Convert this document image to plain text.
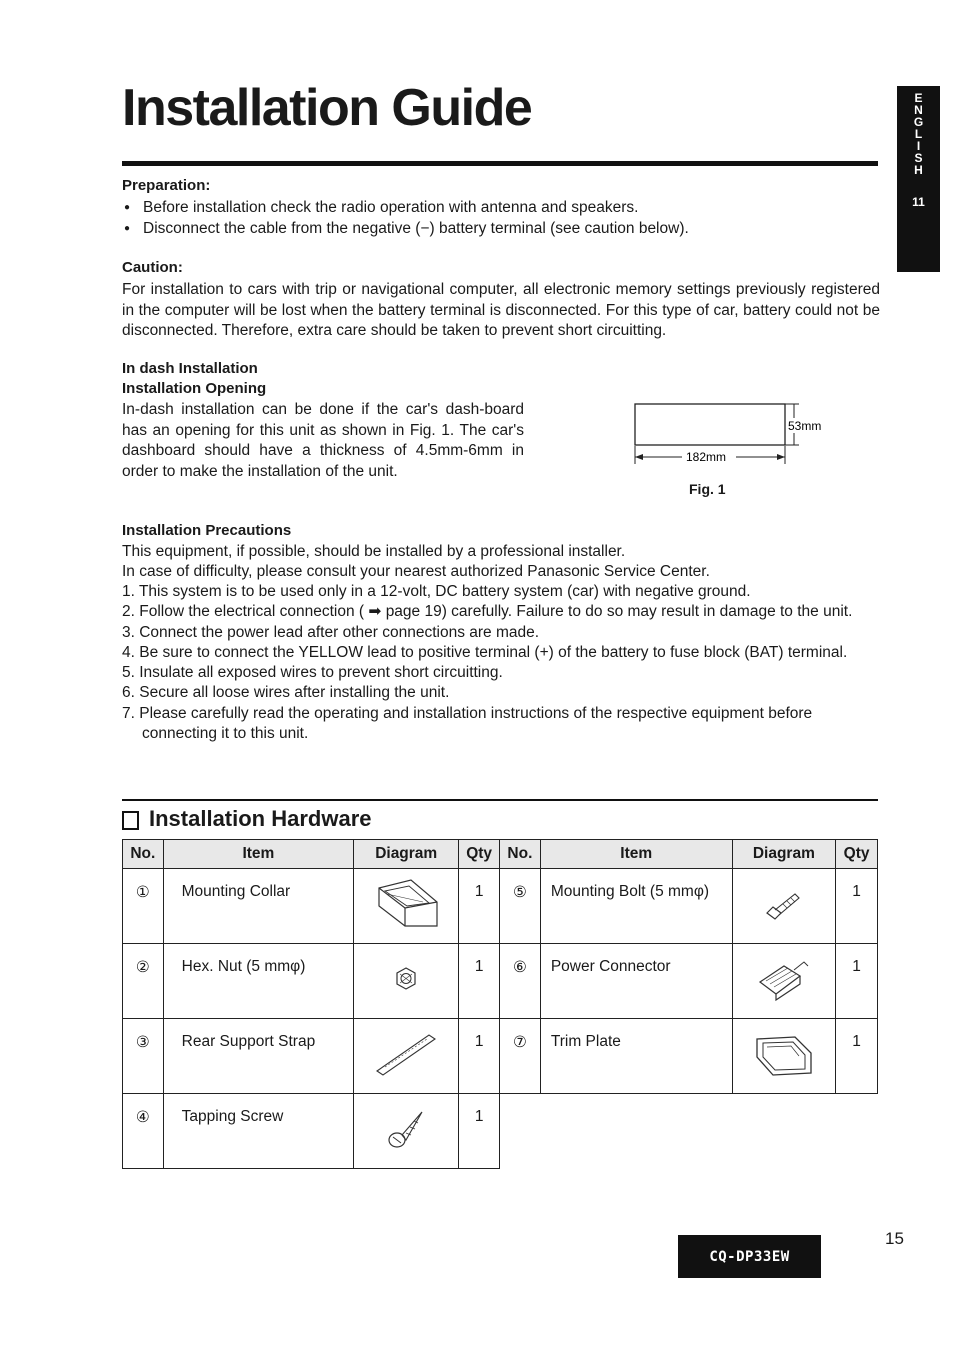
Installation Guide	E
N
G
L
I
S
H
11

Preparation:

● Before installation check the radio operation with antenna and speakers.
● Disconnect the cable from the negative (−) battery terminal (see caution below).

Caution:

For installation to cars with trip or navigational computer, all electronic memory settings previously registered in the computer will be lost when the battery terminal is disconnected. For this type of car, battery could not be disconnected. Therefore, extra care should be taken to prevent short circuitting.

In dash Installation

Installation Opening

In-dash installation can be done if the car's dash-board has an opening for this unit as shown in Fig. 1. The car's dashboard should have a thickness of 4.5mm-6mm in order to make the installation of the unit.

182mm
53mm
Fig. 1

Installation Precautions

This equipment, if possible, should be installed by a professional installer.

In case of difficulty, please consult your nearest authorized Panasonic Service Center.

1. This system is to be used only in a 12-volt, DC battery system (car) with negative ground.
2. Follow the electrical connection ( ➡ page 19) carefully. Failure to do so may result in damage to the unit.
3. Connect the power lead after other connections are made.
4. Be sure to connect the YELLOW lead to positive terminal (+) of the battery to fuse block (BAT) terminal.
5. Insulate all exposed wires to prevent short circuitting.
6. Secure all loose wires after installing the unit.
7. Please carefully read the operating and installation instructions of the respective equipment before connecting it to this unit.
Installation Hardware
No.	Item	Diagram	Qty
①	Mounting Collar		1
②	Hex. Nut (5 mmφ)		1
③	Rear Support Strap		1
④	Tapping Screw		1
No.	Item	Diagram	Qty
⑤	Mounting Bolt (5 mmφ)		1
⑥	Power Connector		1
⑦	Trim Plate		1
15
CQ-DP33EW
